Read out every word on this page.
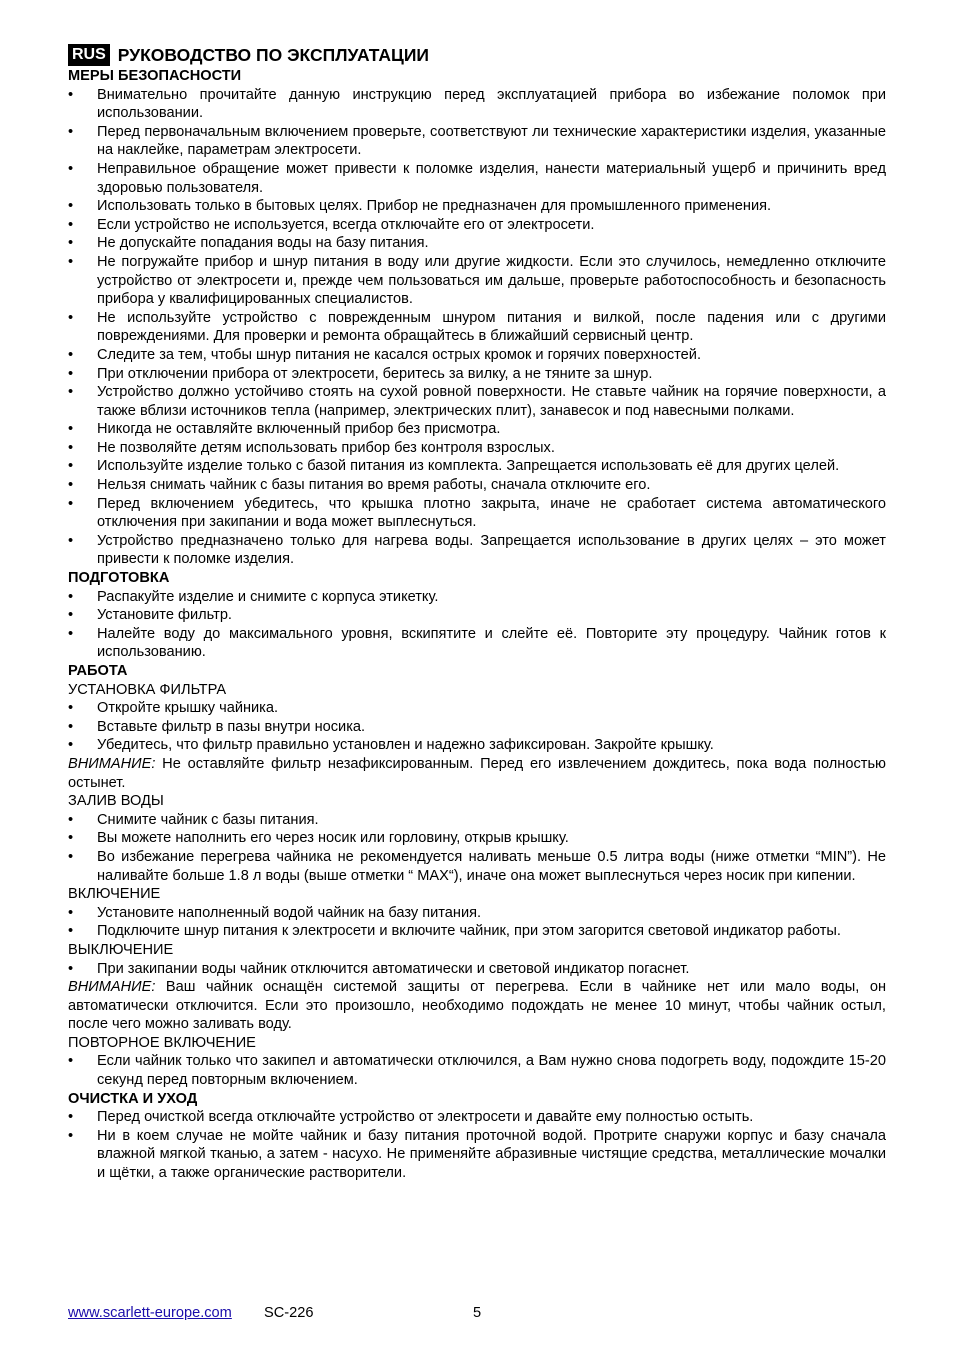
RUS РУКОВОДСТВО ПО ЭКСПЛУАТАЦИИ
МЕРЫ БЕЗОПАСНОСТИ
• Внимательно прочитайте данную инструкцию перед эксплуатацией прибора во избежание поломок при использовании.
• Перед первоначальным включением проверьте, соответствуют ли технические характеристики изделия, указанные на наклейке, параметрам электросети.
• Неправильное обращение может привести к поломке изделия, нанести материальный ущерб и причинить вред здоровью пользователя.
• Использовать только в бытовых целях. Прибор не предназначен для промышленного применения.
• Если устройство не используется, всегда отключайте его от электросети.
• Не допускайте попадания воды на базу питания.
• Не погружайте прибор и шнур питания в воду или другие жидкости. Если это случилось, немедленно отключите устройство от электросети и, прежде чем пользоваться им дальше, проверьте работоспособность и безопасность прибора у квалифицированных специалистов.
• Не используйте устройство с поврежденным шнуром питания и вилкой, после падения или с другими повреждениями. Для проверки и ремонта обращайтесь в ближайший сервисный центр.
• Следите за тем, чтобы шнур питания не касался острых кромок и горячих поверхностей.
• При отключении прибора от электросети, беритесь за вилку, а не тяните за шнур.
• Устройство должно устойчиво стоять на сухой ровной поверхности. Не ставьте чайник на горячие поверхности, а также вблизи источников тепла (например, электрических плит), занавесок и под навесными полками.
• Никогда не оставляйте включенный прибор без присмотра.
• Не позволяйте детям использовать прибор без контроля взрослых.
• Используйте изделие только с базой питания из комплекта. Запрещается использовать её для других целей.
• Нельзя снимать чайник с базы питания во время работы, сначала отключите его.
• Перед включением убедитесь, что крышка плотно закрыта, иначе не сработает система автоматического отключения при закипании и вода может выплеснуться.
• Устройство предназначено только для нагрева воды. Запрещается использование в других целях – это может привести к поломке изделия.
ПОДГОТОВКА
• Распакуйте изделие и снимите с корпуса этикетку.
• Установите фильтр.
• Налейте воду до максимального уровня, вскипятите и слейте её. Повторите эту процедуру. Чайник готов к использованию.
РАБОТА
УСТАНОВКА ФИЛЬТРА
• Откройте крышку чайника.
• Вставьте фильтр в пазы внутри носика.
• Убедитесь, что фильтр правильно установлен и надежно зафиксирован. Закройте крышку.
ВНИМАНИЕ: Не оставляйте фильтр незафиксированным. Перед его извлечением дождитесь, пока вода полностью остынет.
ЗАЛИВ ВОДЫ
• Снимите чайник с базы питания.
• Вы можете наполнить его через носик или горловину, открыв крышку.
• Во избежание перегрева чайника не рекомендуется наливать меньше 0.5 литра воды (ниже отметки “MIN”). Не наливайте больше 1.8 л воды (выше отметки “ MAX“), иначе она может выплеснуться через носик при кипении.
ВКЛЮЧЕНИЕ
• Установите наполненный водой чайник на базу питания.
• Подключите шнур питания к электросети и включите чайник, при этом загорится световой индикатор работы.
ВЫКЛЮЧЕНИЕ
• При закипании воды чайник отключится автоматически и световой индикатор погаснет.
ВНИМАНИЕ: Ваш чайник оснащён системой защиты от перегрева. Если в чайнике нет или мало воды, он автоматически отключится. Если это произошло, необходимо подождать не менее 10 минут, чтобы чайник остыл, после чего можно заливать воду.
ПОВТОРНОЕ ВКЛЮЧЕНИЕ
• Если чайник только что закипел и автоматически отключился, а Вам нужно снова подогреть воду, подождите 15-20 секунд перед повторным включением.
ОЧИСТКА И УХОД
• Перед очисткой всегда отключайте устройство от электросети и давайте ему полностью остыть.
• Ни в коем случае не мойте чайник и базу питания проточной водой. Протрите снаружи корпус и базу сначала влажной мягкой тканью, а затем - насухо. Не применяйте абразивные чистящие средства, металлические мочалки и щётки, а также органические растворители.
www.scarlett-europe.com SC-226	5
